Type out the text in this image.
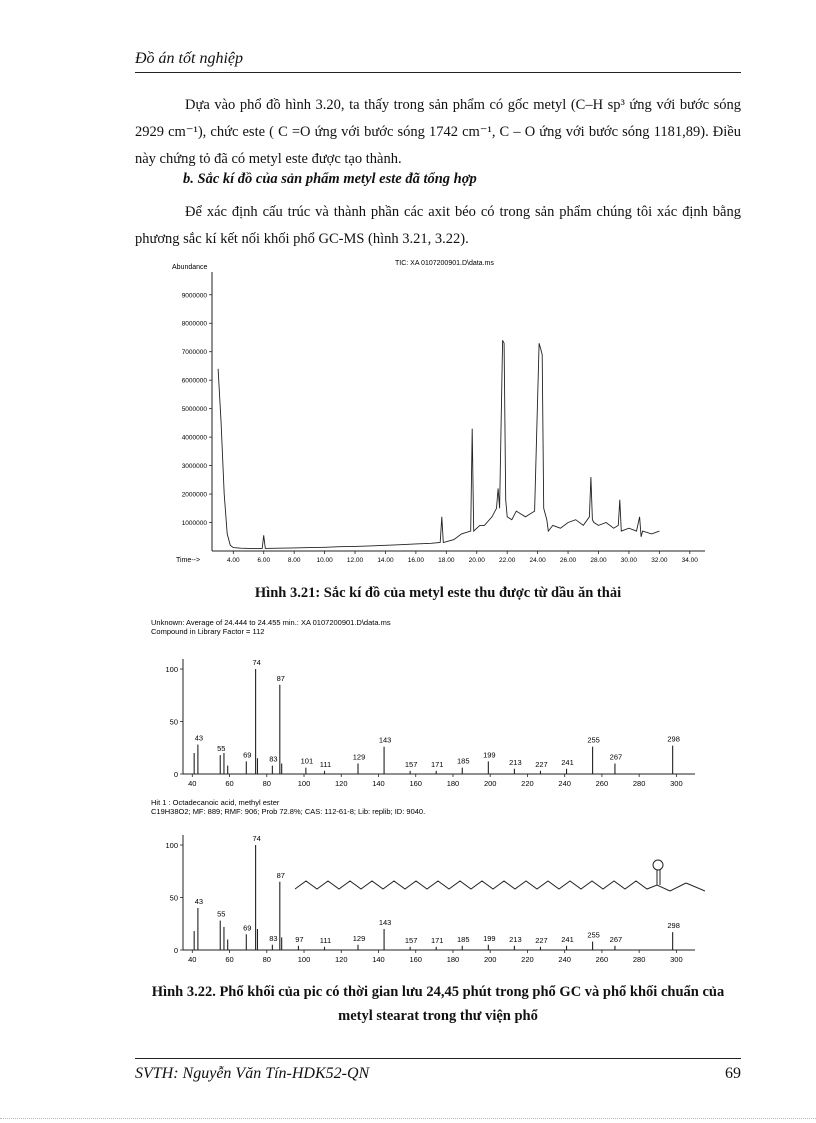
Đồ án tốt nghiệp
Dựa vào phổ đồ hình 3.20, ta thấy trong sản phẩm có gốc metyl (C–H sp³ ứng với bước sóng 2929 cm⁻¹), chức este ( C =O ứng với bước sóng 1742 cm⁻¹, C – O ứng với bước sóng 1181,89). Điều này chứng tỏ đã có metyl este được tạo thành.
b. Sắc kí đồ của sản phẩm metyl este đã tổng hợp
Để xác định cấu trúc và thành phần các axit béo có trong sản phẩm chúng tôi xác định bằng phương sắc kí kết nối khối phổ GC-MS (hình 3.21, 3.22).
Abundance
TIC: XA 0107200901.D\data.ms
Time-->
1000000
2000000
3000000
4000000
5000000
6000000
7000000
8000000
9000000
4.00	6.00	8.00 10.00 12.00 14.00 16.00 18.00 20.00 22.00 24.00 26.00 28.00 30.00 32.00 34.00
Hình 3.21: Sắc kí đồ của metyl este thu được từ dầu ăn thải
Unknown: Average of 24.444 to 24.455 min.: XA 0107200901.D\data.ms
Compound in Library Factor = 112
100
50
0
40	60	80	100	120	140	160	180	200	220	240	260	280	300
43
55
69
74
83
87
101 111
129
143
157 171 185
199
213 227 241
255
267
298
Hit 1 : Octadecanoic acid, methyl ester
C19H38O2; MF: 889; RMF: 906; Prob 72.8%; CAS: 112-61-8; Lib: replib; ID: 9040.
100
50
0
40	60	80	100	120	140	160	180	200	220	240	260	280	300
43
55
69
74
83
87
97 111	129
143
157 171 185 199 213 227 241 255 267
298
Hình 3.22. Phổ khối của pic có thời gian lưu 24,45 phút trong phổ GC và phổ khối chuẩn của metyl stearat trong thư viện phổ
SVTH: Nguyễn Văn Tín-HDK52-QN	69
